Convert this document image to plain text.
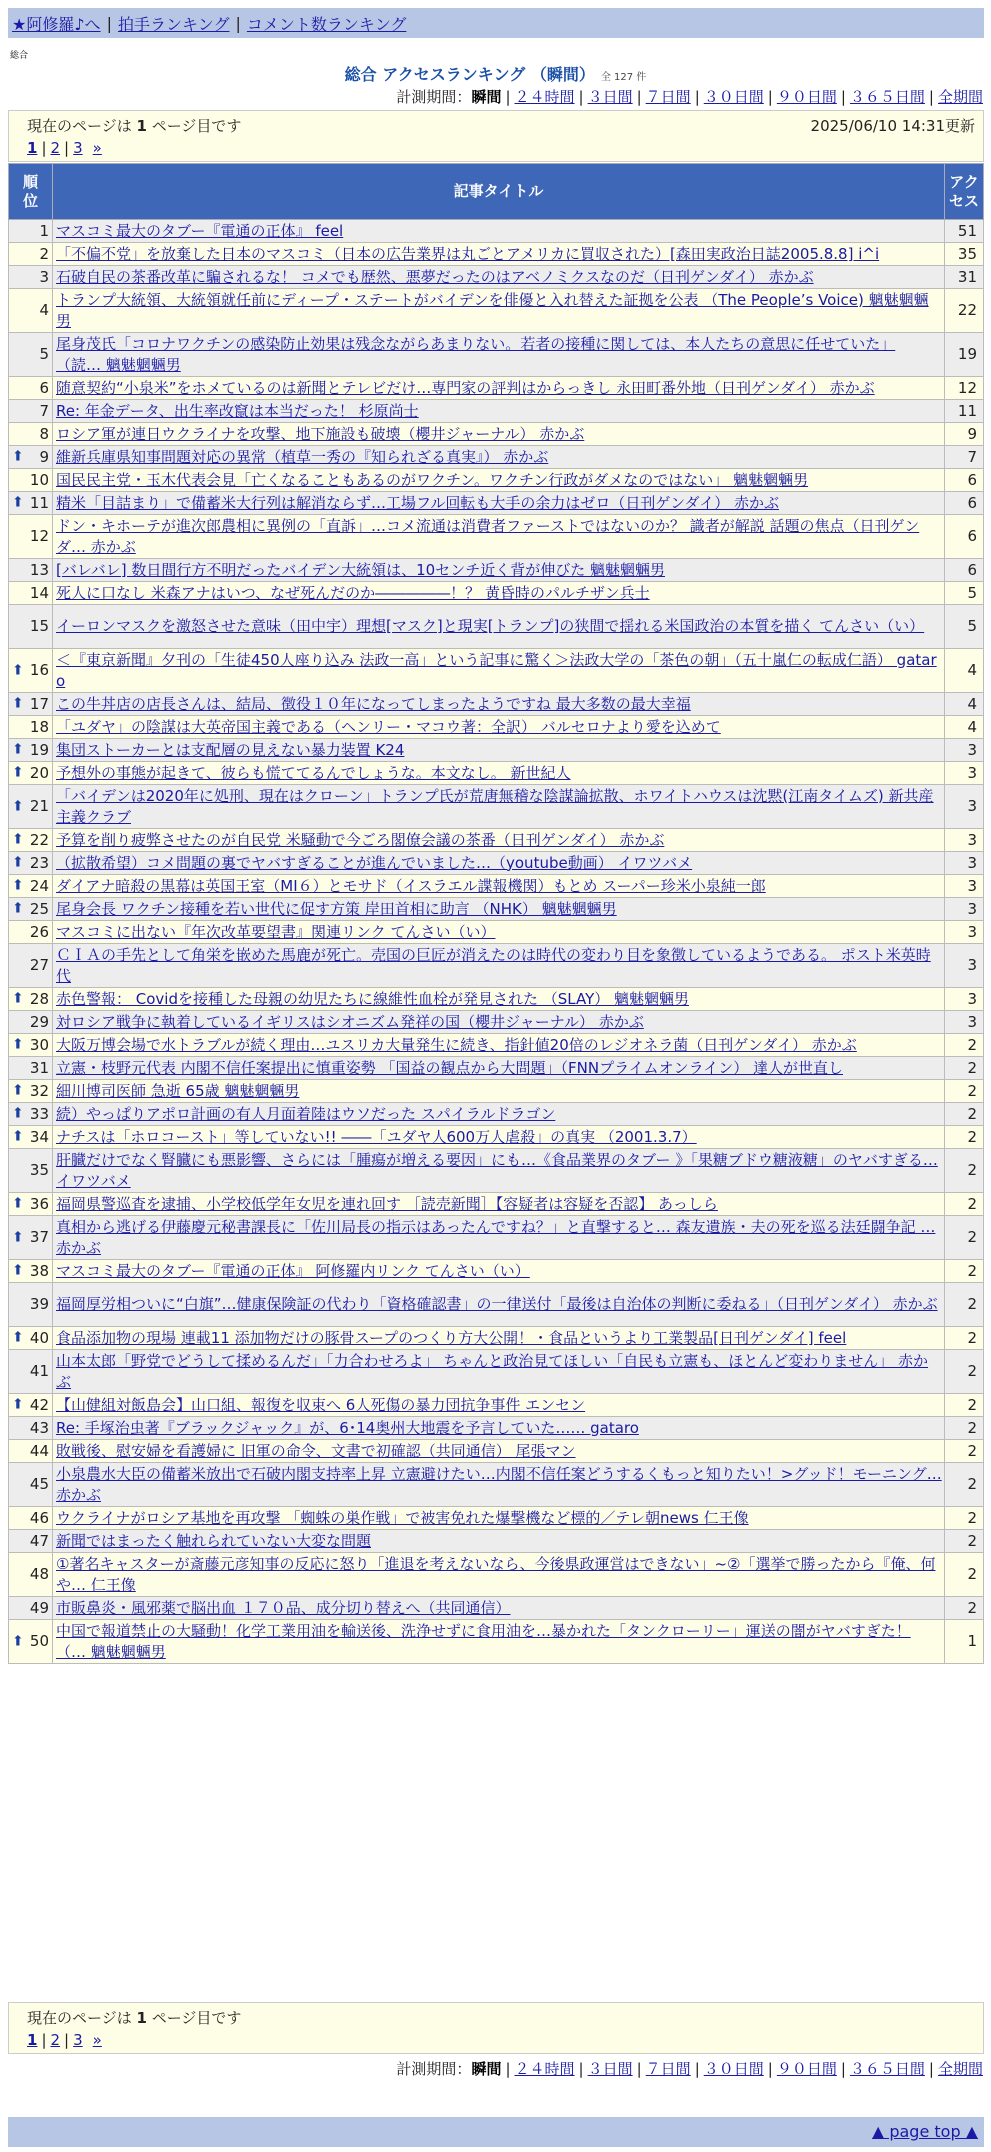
★阿修羅♪へ | 拍手ランキング | コメント数ランキング
総合
総合 アクセスランキング （瞬間） 全 127 件
計測期間：瞬間 | ２４時間 | ３日間 | ７日間 | ３０日間 | ９０日間 | ３６５日間 | 全期間
現在のページは 1 ページ目です
1 | 2 | 3 »
2025/06/10 14:31更新
順位	記事タイトル	アクセス
1	マスコミ最大のタブー『電通の正体』 feel	51
2	「不偏不党」を放棄した日本のマスコミ（日本の広告業界は丸ごとアメリカに買収された）[森田実政治日誌2005.8.8] i^i	35
3	石破自民の茶番改革に騙されるな！ コメでも歴然、悪夢だったのはアベノミクスなのだ（日刊ゲンダイ） 赤かぶ	31
4	トランプ大統領、大統領就任前にディープ・ステートがバイデンを俳優と入れ替えた証拠を公表 （The People’s Voice) 魑魅魍魎男	22
5	尾身茂氏「コロナワクチンの感染防止効果は残念ながらあまりない。若者の接種に関しては、本人たちの意思に任せていた」 （読… 魑魅魍魎男	19
6	随意契約“小泉米”をホメているのは新聞とテレビだけ…専門家の評判はからっきし 永田町番外地（日刊ゲンダイ） 赤かぶ	12
7	Re: 年金データ、出生率改竄は本当だった！ 杉原尚士	11
8	ロシア軍が連日ウクライナを攻撃、地下施設も破壊（櫻井ジャーナル） 赤かぶ	9

⬆ 9	維新兵庫県知事問題対応の異常（植草一秀の『知られざる真実』） 赤かぶ	7
10	国民民主党・玉木代表会見「亡くなることもあるのがワクチン。ワクチン行政がダメなのではない」 魑魅魍魎男	6

⬆ 11	精米「目詰まり」で備蓄米大行列は解消ならず…工場フル回転も大手の余力はゼロ（日刊ゲンダイ） 赤かぶ	6
12	ドン・キホーテが進次郎農相に異例の「直訴」…コメ流通は消費者ファーストではないのか？ 識者が解説 話題の焦点（日刊ゲンダ… 赤かぶ	6
13	[バレバレ] 数日間行方不明だったバイデン大統領は、10センチ近く背が伸びた 魑魅魍魎男	6
14	死人に口なし 米森アナはいつ、なぜ死んだのか―――――！？ 黄昏時のパルチザン兵士	5
15	イーロンマスクを激怒させた意味（田中宇）理想[マスク]と現実[トランプ]の狭間で揺れる米国政治の本質を描く てんさい（い）	5

⬆ 16	＜『東京新聞』夕刊の「生徒450人座り込み 法政一高」という記事に驚く＞法政大学の「茶色の朝」（五十嵐仁の転成仁語） gataro	4

⬆ 17	この牛丼店の店長さんは、結局、徴役１０年になってしまったようですね 最大多数の最大幸福	4
18	「ユダヤ」の陰謀は大英帝国主義である（ヘンリー・マコウ著：全訳） バルセロナより愛を込めて	4

⬆ 19	集団ストーカーとは支配層の見えない暴力装置 K24	3

⬆ 20	予想外の事態が起きて、彼らも慌ててるんでしょうな。本文なし。 新世紀人	3

⬆ 21	「バイデンは2020年に処刑、現在はクローン」トランプ氏が荒唐無稽な陰謀論拡散、ホワイトハウスは沈黙(江南タイムズ) 新共産主義クラブ	3

⬆ 22	予算を削り疲弊させたのが自民党 米騒動で今ごろ閣僚会議の茶番（日刊ゲンダイ） 赤かぶ	3

⬆ 23	（拡散希望）コメ問題の裏でヤバすぎることが進んでいました…（youtube動画） イワツバメ	3

⬆ 24	ダイアナ暗殺の黒幕は英国王室（MI６）とモサド（イスラエル諜報機関）もとめ スーパー珍米小泉純一郎	3

⬆ 25	尾身会長 ワクチン接種を若い世代に促す方策 岸田首相に助言 （NHK） 魑魅魍魎男	3
26	マスコミに出ない『年次改革要望書』関連リンク てんさい（い）	3
27	ＣＩＡの手先として角栄を嵌めた馬鹿が死亡。売国の巨匠が消えたのは時代の変わり目を象徴しているようである。 ポスト米英時代	3

⬆ 28	赤色警報： Covidを接種した母親の幼児たちに線維性血栓が発見された （SLAY） 魑魅魍魎男	3
29	対ロシア戦争に執着しているイギリスはシオニズム発祥の国（櫻井ジャーナル） 赤かぶ	3

⬆ 30	大阪万博会場で水トラブルが続く理由…ユスリカ大量発生に続き、指針値20倍のレジオネラ菌（日刊ゲンダイ） 赤かぶ	2
31	立憲・枝野元代表 内閣不信任案提出に慎重姿勢 「国益の観点から大問題」（FNNプライムオンライン） 達人が世直し	2

⬆ 32	細川博司医師 急逝 65歳 魑魅魍魎男	2

⬆ 33	続）やっぱりアポロ計画の有人月面着陸はウソだった スパイラルドラゴン	2

⬆ 34	ナチスは「ホロコースト」等していない!! ――「ユダヤ人600万人虐殺」の真実 （2001.3.7）	2
35	肝臓だけでなく腎臓にも悪影響、さらには「腫瘍が増える要因」にも…《食品業界のタブー 》「果糖ブドウ糖液糖」のヤバすぎる… イワツバメ	2

⬆ 36	福岡県警巡査を逮捕、小学校低学年女児を連れ回す ［読売新聞］【容疑者は容疑を否認】 あっしら	2

⬆ 37	真相から逃げる伊藤慶元秘書課長に「佐川局長の指示はあったんですね？」と直撃すると… 森友遺族・夫の死を巡る法廷闘争記 … 赤かぶ	2

⬆ 38	マスコミ最大のタブー『電通の正体』 阿修羅内リンク てんさい（い）	2
39	福岡厚労相ついに“白旗”…健康保険証の代わり「資格確認書」の一律送付「最後は自治体の判断に委ねる」（日刊ゲンダイ） 赤かぶ	2

⬆ 40	食品添加物の現場 連載11 添加物だけの豚骨スープのつくり方大公開！・食品というより工業製品[日刊ゲンダイ] feel	2
41	山本太郎「野党でどうして揉めるんだ」「力合わせろよ」 ちゃんと政治見てほしい「自民も立憲も、ほとんど変わりません」 赤かぶ	2

⬆ 42	【山健組対飯島会】山口組、報復を収束へ 6人死傷の暴力団抗争事件 エンセン	2
43	Re: 手塚治虫著『ブラックジャック』が、6･14奥州大地震を予言していた…… gataro	2
44	敗戦後、慰安婦を看護婦に 旧軍の命令、文書で初確認（共同通信） 尾張マン	2
45	小泉農水大臣の備蓄米放出で石破内閣支持率上昇 立憲避けたい…内閣不信任案どうするくもっと知りたい！>グッド！モーニング… 赤かぶ	2
46	ウクライナがロシア基地を再攻撃 「蜘蛛の巣作戦」で被害免れた爆撃機など標的／テレ朝news 仁王像	2
47	新聞ではまったく触れられていない大変な問題	2
48	①著名キャスターが斎藤元彦知事の反応に怒り「進退を考えないなら、今後県政運営はできない」~②「選挙で勝ったから『俺、何や… 仁王像	2
49	市販鼻炎・風邪薬で脳出血 １７０品、成分切り替えへ（共同通信）	2

⬆ 50	中国で報道禁止の大騒動！化学工業用油を輸送後、洗浄せずに食用油を…暴かれた「タンクローリー」運送の闇がヤバすぎた！ （… 魑魅魍魎男	1
現在のページは 1 ページ目です
1 | 2 | 3 »
計測期間：瞬間 | ２４時間 | ３日間 | ７日間 | ３０日間 | ９０日間 | ３６５日間 | 全期間
▲ page top ▲
